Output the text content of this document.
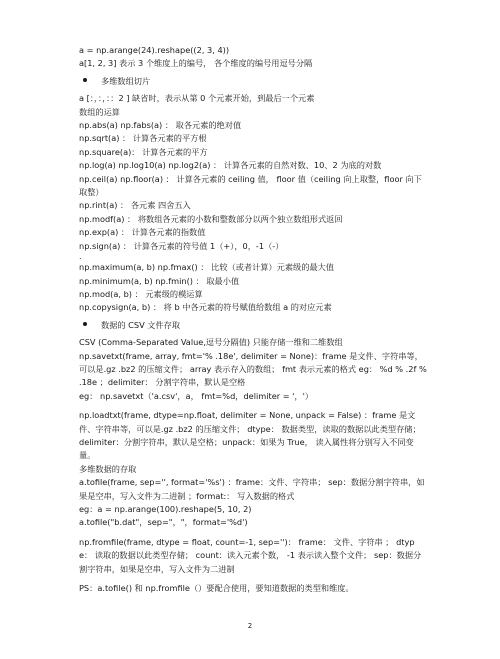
a = np.arange(24).reshape((2, 3, 4))
a[1, 2, 3] 表示 3 个维度上的编号， 各个维度的编号用逗号分隔
多维数组切片
a [：，：，：：2 ] 缺省时，表示从第 0 个元素开始，到最后一个元素
数组的运算
np.abs(a) np.fabs(a) ： 取各元素的绝对值
np.sqrt(a) ： 计算各元素的平方根
np.square(a)： 计算各元素的平方
np.log(a) np.log10(a) np.log2(a) ： 计算各元素的自然对数、10、2 为底的对数
np.ceil(a) np.floor(a) ： 计算各元素的 ceiling 值， floor 值（ceiling 向上取整，floor 向下取整）
np.rint(a) ： 各元素 四舍五入
np.modf(a) ： 将数组各元素的小数和整数部分以两个独立数组形式返回
np.exp(a) ： 计算各元素的指数值
np.sign(a) ： 计算各元素的符号值 1（+），0，-1（-）
.
np.maximum(a, b) np.fmax() ： 比较（或者计算）元素级的最大值
np.minimum(a, b) np.fmin() ： 取最小值
np.mod(a, b) ： 元素级的模运算
np.copysign(a, b) ： 将 b 中各元素的符号赋值给数组 a 的对应元素
数据的 CSV 文件存取
CSV (Comma-Separated Value,逗号分隔值) 只能存储一维和二维数组
np.savetxt(frame, array, fmt='% .18e', delimiter = None)：frame 是文件、字符串等，可以是.gz .bz2 的压缩文件； array 表示存入的数组； fmt 表示元素的格式 eg： %d % .2f % .18e ；delimiter： 分割字符串，默认是空格
eg： np.savetxt（'a.csv'，a， fmt=%d，delimiter = '，'）
np.loadtxt(frame, dtype=np.float, delimiter = None, unpack = False) ：frame 是文件、字符串等，可以是.gz .bz2 的压缩文件； dtype： 数据类型，读取的数据以此类型存储； delimiter：分割字符串，默认是空格；unpack：如果为 True， 读入属性将分别写入不同变量。
多维数据的存取
a.tofile(frame, sep='', format='%s') ：frame：文件、字符串； sep：数据分割字符串，如果是空串，写入文件为二进制 ；format:： 写入数据的格式
eg：a = np.arange(100).reshape(5, 10, 2)
a.tofile("b.dat"，sep="，"，format='%d')
np.fromfile(frame, dtype = float, count=-1, sep='')： frame： 文件、字符串 ； dtype： 读取的数据以此类型存储； count：读入元素个数， -1 表示读入整个文件； sep：数据分割字符串，如果是空串，写入文件为二进制
PS：a.tofile() 和 np.fromfile（）要配合使用，要知道数据的类型和维度。
2
